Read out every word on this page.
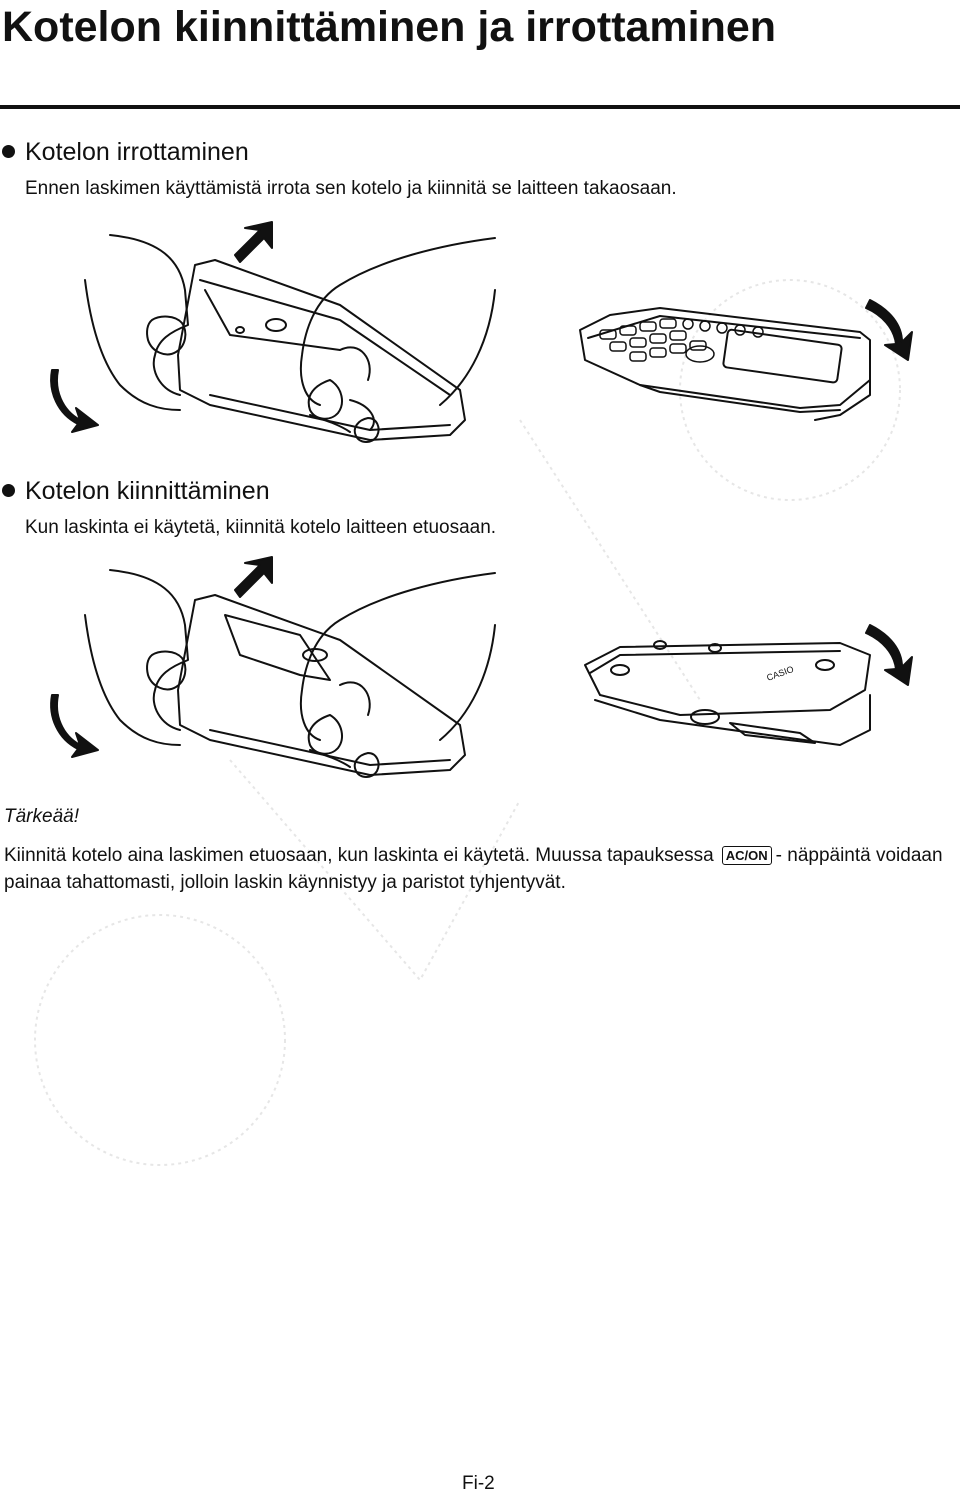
Kotelon kiinnittäminen ja irrottaminen
Kotelon irrottaminen

Ennen laskimen käyttämistä irrota sen kotelo ja kiinnitä se laitteen takaosaan.

Kotelon kiinnittäminen

Kun laskinta ei käytetä, kiinnitä kotelo laitteen etuosaan.

CASIO

Tärkeää!

Kiinnitä kotelo aina laskimen etuosaan, kun laskinta ei käytetä. Muussa tapauksessa AC/ON - näppäintä voidaan painaa tahattomasti, jolloin laskin käynnistyy ja paristot tyhjentyvät.

Fi-2
